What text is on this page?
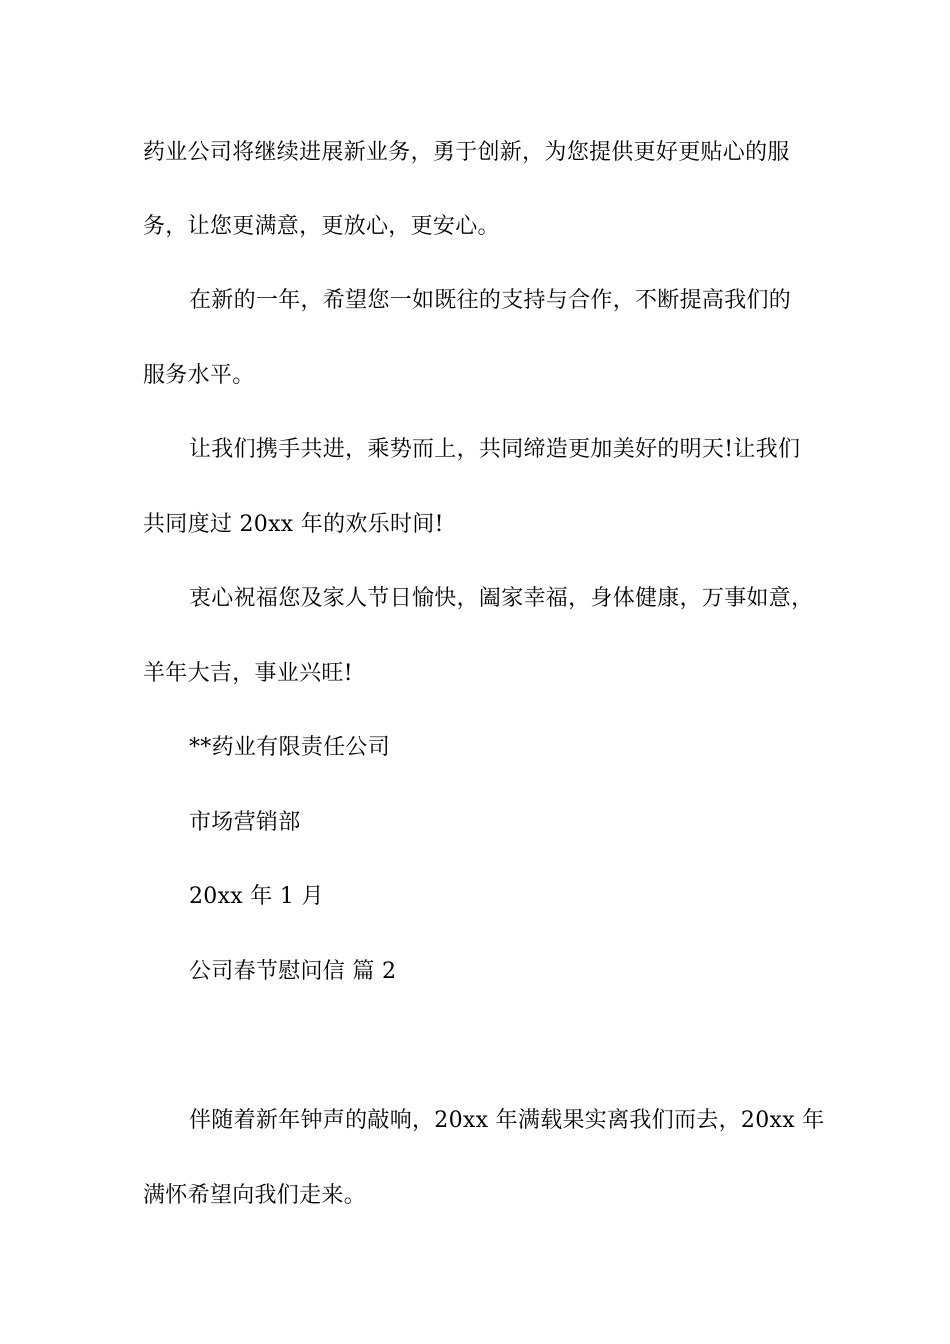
药业公司将继续进展新业务，勇于创新，为您提供更好更贴心的服
务，让您更满意，更放心，更安心。
在新的一年，希望您一如既往的支持与合作，不断提高我们的
服务水平。
让我们携手共进，乘势而上，共同缔造更加美好的明天!让我们
共同度过 20xx 年的欢乐时间!
衷心祝福您及家人节日愉快，阖家幸福，身体健康，万事如意，
羊年大吉，事业兴旺!
**药业有限责任公司
市场营销部
20xx 年 1 月
公司春节慰问信 篇 2
伴随着新年钟声的敲响，20xx 年满载果实离我们而去，20xx 年
满怀希望向我们走来。
